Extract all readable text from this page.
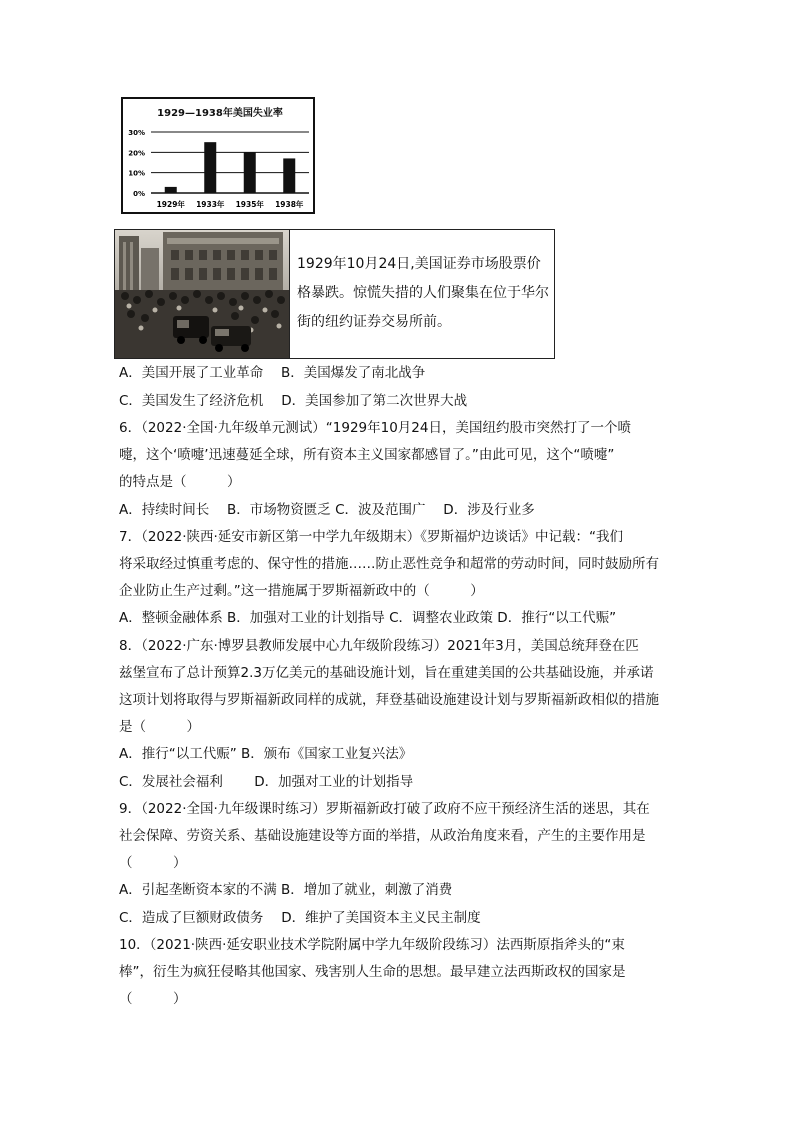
1929—1938年美国失业率
0%
10%
20%
30%
1929年 1933年 1935年 1938年
1929年10月24日,美国证券市场股票价格暴跌。惊慌失措的人们聚集在位于华尔街的纽约证券交易所前。
A．美国开展了工业革命　 B．美国爆发了南北战争
C．美国发生了经济危机　 D．美国参加了第二次世界大战
6．（2022·全国·九年级单元测试）“1929年10月24日，美国纽约股市突然打了一个喷
嚏，这个‘喷嚏’迅速蔓延全球，所有资本主义国家都感冒了。”由此可见，这个“喷嚏”
的特点是（　　　）
A．持续时间长　 B．市场物资匮乏 C．波及范围广　 D．涉及行业多
7．（2022·陕西·延安市新区第一中学九年级期末）《罗斯福炉边谈话》中记载：“我们
将采取经过慎重考虑的、保守性的措施……防止恶性竞争和超常的劳动时间，同时鼓励所有
企业防止生产过剩。”这一措施属于罗斯福新政中的（　　　）
A．整顿金融体系 B．加强对工业的计划指导 C．调整农业政策 D．推行“以工代赈”
8．（2022·广东·博罗县教师发展中心九年级阶段练习）2021年3月，美国总统拜登在匹
兹堡宣布了总计预算2.3万亿美元的基础设施计划，旨在重建美国的公共基础设施，并承诺
这项计划将取得与罗斯福新政同样的成就，拜登基础设施建设计划与罗斯福新政相似的措施
是（　　　）
A．推行“以工代赈” B．颁布《国家工业复兴法》
C．发展社会福利　　 D．加强对工业的计划指导
9．（2022·全国·九年级课时练习）罗斯福新政打破了政府不应干预经济生活的迷思，其在
社会保障、劳资关系、基础设施建设等方面的举措，从政治角度来看，产生的主要作用是
（　　　）
A．引起垄断资本家的不满 B．增加了就业，刺激了消费
C．造成了巨额财政债务　 D．维护了美国资本主义民主制度
10．（2021·陕西·延安职业技术学院附属中学九年级阶段练习）法西斯原指斧头的“束
棒”，衍生为疯狂侵略其他国家、残害别人生命的思想。最早建立法西斯政权的国家是
（　　　）
